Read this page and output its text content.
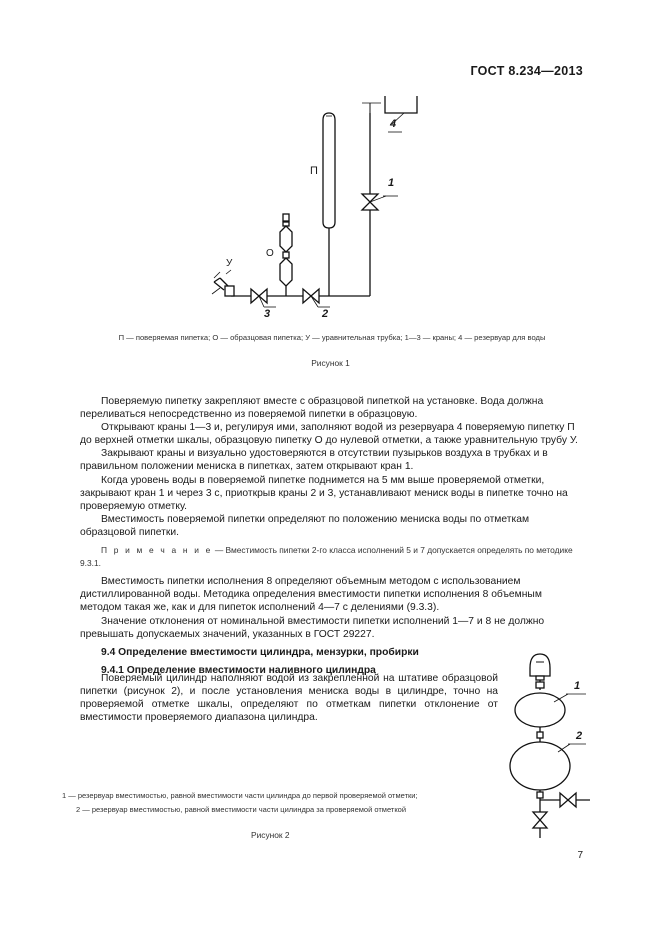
ГОСТ 8.234—2013
П
О
У
1
2
3
4
П — поверяемая пипетка; О — образцовая пипетка; У — уравнительная трубка; 1—3 — краны; 4 — резервуар для воды
Рисунок 1

Поверяемую пипетку закрепляют вместе с образцовой пипеткой на установке. Вода должна переливаться непосредственно из поверяемой пипетки в образцовую.

Открывают краны 1—3 и, регулируя ими, заполняют водой из резервуара 4 поверяемую пипетку П до верхней отметки шкалы, образцовую пипетку О до нулевой отметки, а также уравнительную трубу У.

Закрывают краны и визуально удостоверяются в отсутствии пузырьков воздуха в трубках и в правильном положении мениска в пипетках, затем открывают кран 1.

Когда уровень воды в поверяемой пипетке поднимется на 5 мм выше проверяемой отметки, закрывают кран 1 и через 3 с, приоткрыв краны 2 и 3, устанавливают мениск воды в пипетке точно на проверяемую отметку.

Вместимость поверяемой пипетки определяют по положению мениска воды по отметкам образцовой пипетки.

П р и м е ч а н и е — Вместимость пипетки 2-го класса исполнений 5 и 7 допускается определять по методике 9.3.1.

Вместимость пипетки исполнения 8 определяют объемным методом с использованием дистиллированной воды. Методика определения вместимости пипетки исполнения 8 объемным методом такая же, как и для пипеток исполнений 4—7 с делениями (9.3.3).

Значение отклонения от номинальной вместимости пипетки исполнений 1—7 и 8 не должно превышать допускаемых значений, указанных в ГОСТ 29227.

9.4 Определение вместимости цилиндра, мензурки, пробирки

9.4.1 Определение вместимости наливного цилиндра

Поверяемый цилиндр наполняют водой из закрепленной на штативе образцовой пипетки (рисунок 2), и после установления мениска воды в цилиндре, точно на проверяемой отметке шкалы, определяют по отметкам пипетки отклонение от вместимости проверяемого диапазона цилиндра.

1
2
1 — резервуар вместимостью, равной вместимости части цилиндра до первой проверяемой отметки;
2 — резервуар вместимостью, равной вместимости части цилиндра за проверяемой отметкой
Рисунок 2
7
